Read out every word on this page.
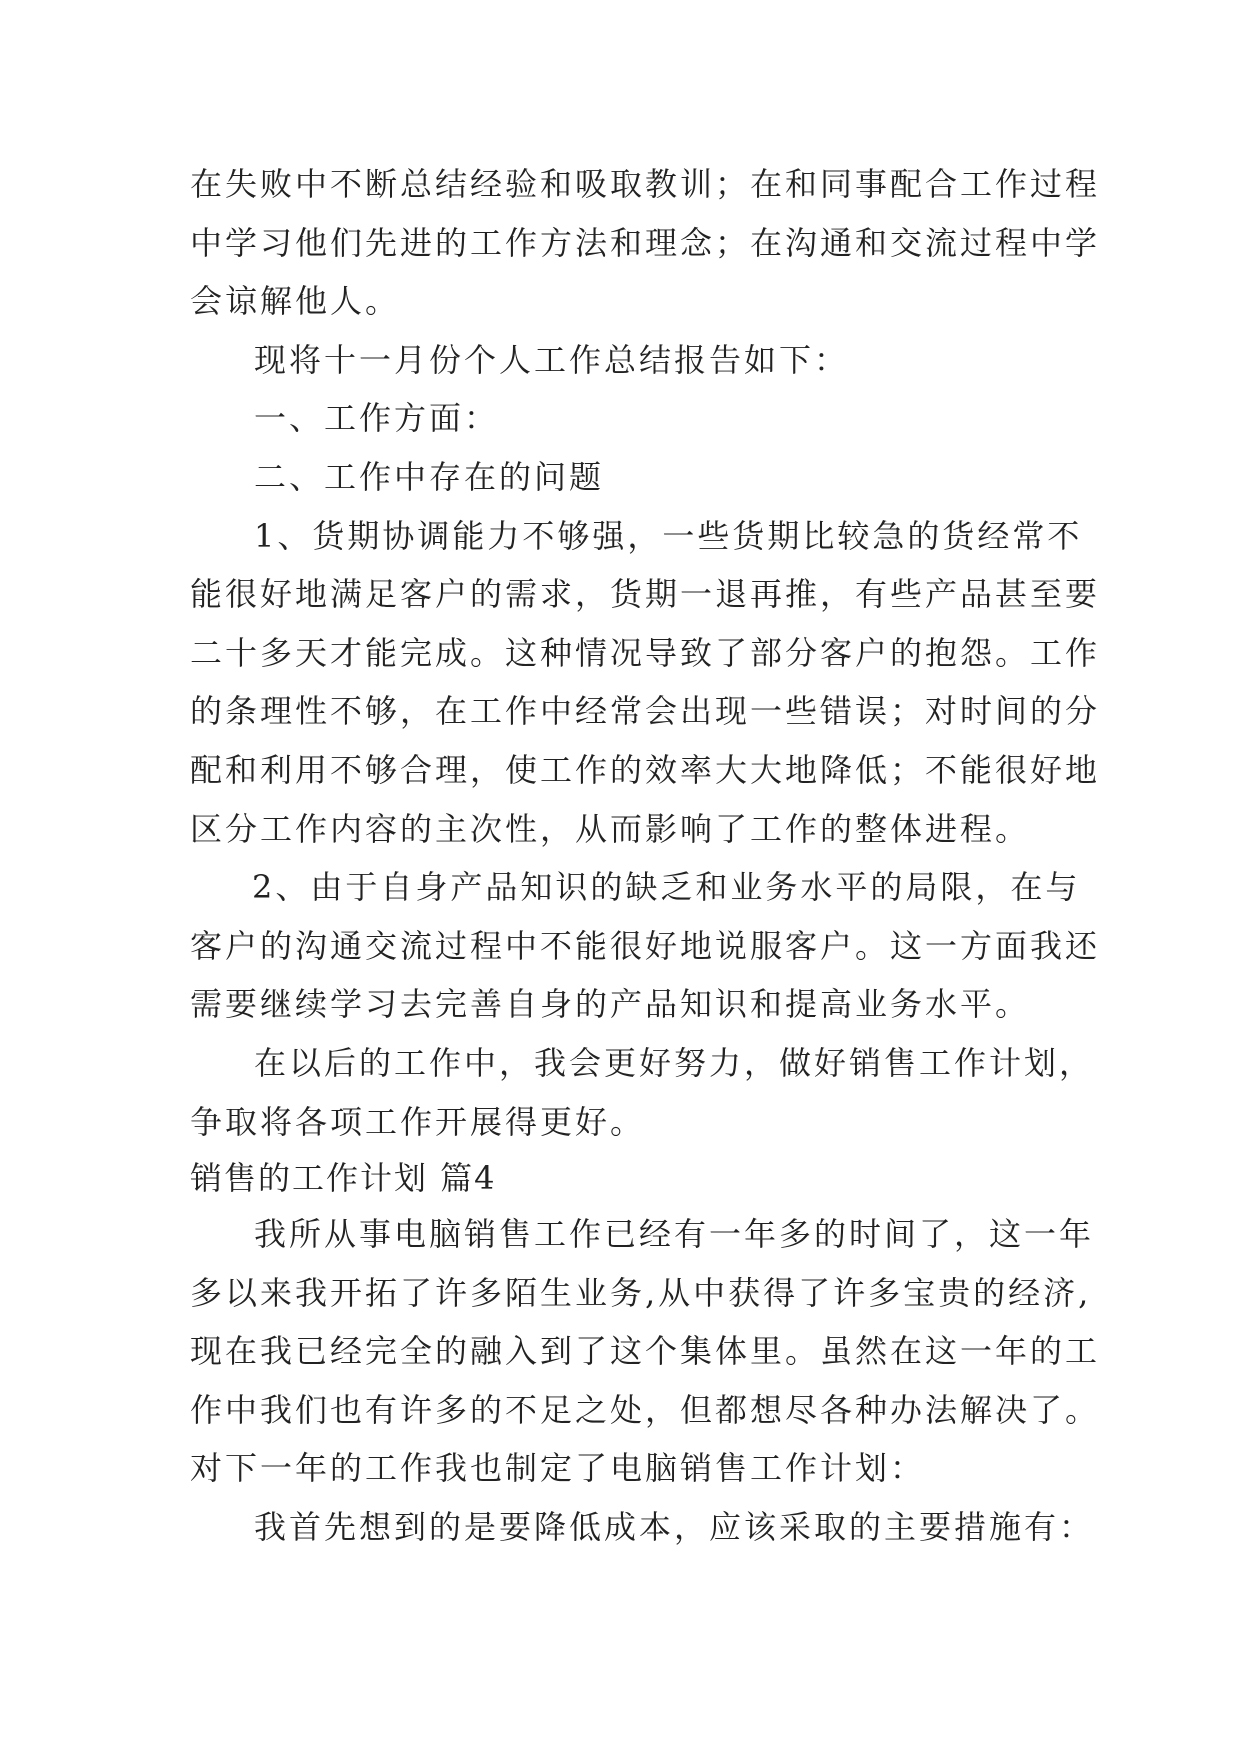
在失败中不断总结经验和吸取教训；在和同事配合工作过程
中学习他们先进的工作方法和理念；在沟通和交流过程中学
会谅解他人。
现将十一月份个人工作总结报告如下：
一、工作方面：
二、工作中存在的问题
1、货期协调能力不够强，一些货期比较急的货经常不
能很好地满足客户的需求，货期一退再推，有些产品甚至要
二十多天才能完成。这种情况导致了部分客户的抱怨。工作
的条理性不够，在工作中经常会出现一些错误；对时间的分
配和利用不够合理，使工作的效率大大地降低；不能很好地
区分工作内容的主次性，从而影响了工作的整体进程。
2、由于自身产品知识的缺乏和业务水平的局限，在与
客户的沟通交流过程中不能很好地说服客户。这一方面我还
需要继续学习去完善自身的产品知识和提高业务水平。
在以后的工作中，我会更好努力，做好销售工作计划，
争取将各项工作开展得更好。
销售的工作计划 篇4
我所从事电脑销售工作已经有一年多的时间了，这一年
多以来我开拓了许多陌生业务,从中获得了许多宝贵的经济,
现在我已经完全的融入到了这个集体里。虽然在这一年的工
作中我们也有许多的不足之处，但都想尽各种办法解决了。
对下一年的工作我也制定了电脑销售工作计划：
我首先想到的是要降低成本，应该采取的主要措施有：
